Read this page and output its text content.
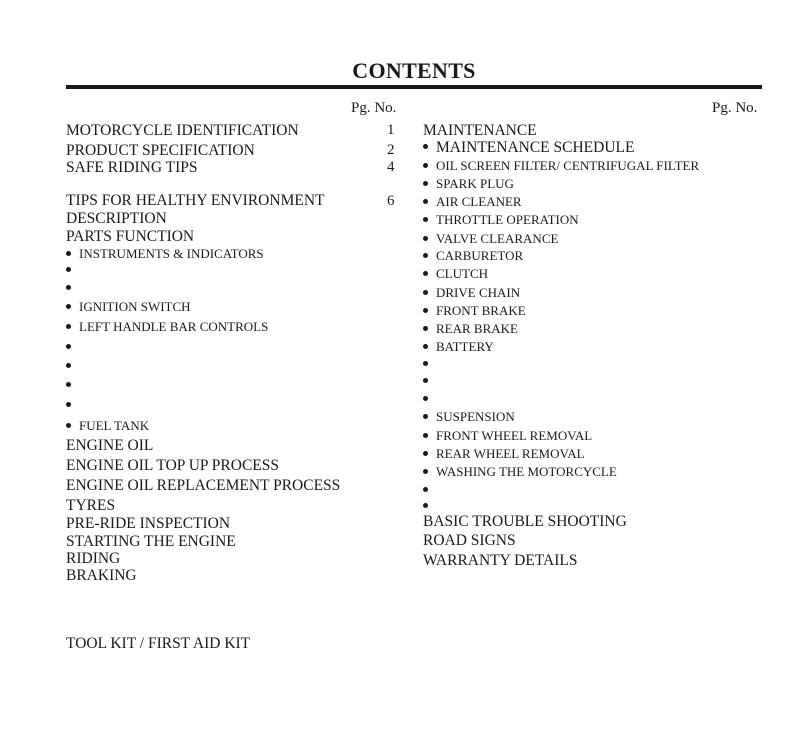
CONTENTS
Pg. No.	Pg. No.
MOTORCYCLE IDENTIFICATION	1
PRODUCT SPECIFICATION	2
SAFE RIDING TIPS	4
TIPS FOR HEALTHY ENVIRONMENT	6
DESCRIPTION
PARTS FUNCTION
INSTRUMENTS & INDICATORS
IGNITION SWITCH
LEFT HANDLE BAR CONTROLS
FUEL TANK
ENGINE OIL
ENGINE OIL TOP UP PROCESS
ENGINE OIL REPLACEMENT PROCESS
TYRES
PRE-RIDE INSPECTION
STARTING THE ENGINE
RIDING
BRAKING
TOOL KIT / FIRST AID KIT
MAINTENANCE
MAINTENANCE SCHEDULE
OIL SCREEN FILTER/ CENTRIFUGAL FILTER
SPARK PLUG
AIR CLEANER
THROTTLE OPERATION
VALVE CLEARANCE
CARBURETOR
CLUTCH
DRIVE CHAIN
FRONT BRAKE
REAR BRAKE
BATTERY
SUSPENSION
FRONT WHEEL REMOVAL
REAR WHEEL REMOVAL
WASHING THE MOTORCYCLE
BASIC TROUBLE SHOOTING
ROAD SIGNS
WARRANTY DETAILS
